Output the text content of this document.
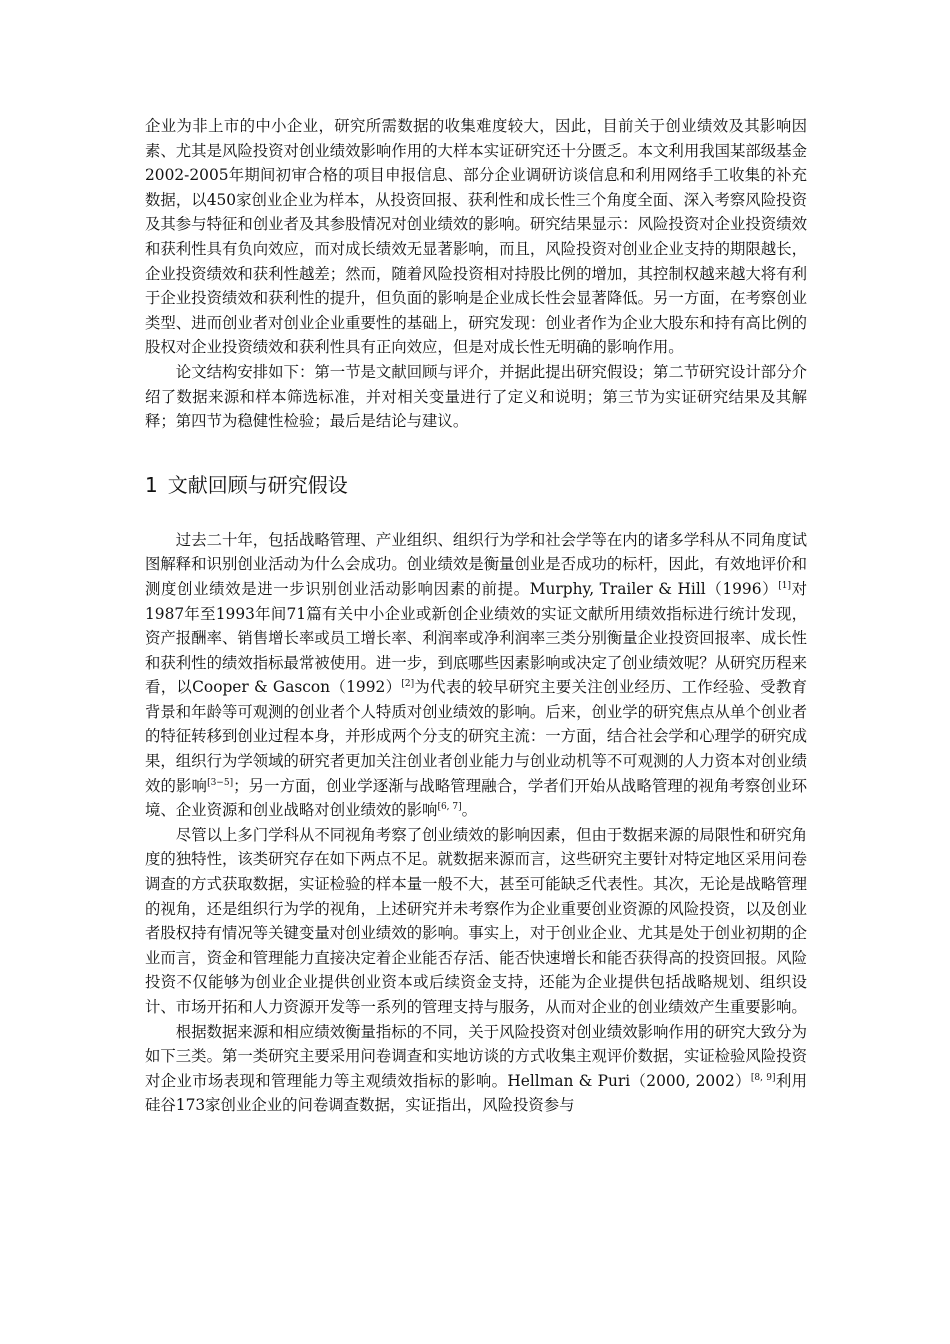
企业为非上市的中小企业，研究所需数据的收集难度较大，因此，目前关于创业绩效及其影响因素、尤其是风险投资对创业绩效影响作用的大样本实证研究还十分匮乏。本文利用我国某部级基金2002-2005年期间初审合格的项目申报信息、部分企业调研访谈信息和利用网络手工收集的补充数据，以450家创业企业为样本，从投资回报、获利性和成长性三个角度全面、深入考察风险投资及其参与特征和创业者及其参股情况对创业绩效的影响。研究结果显示：风险投资对企业投资绩效和获利性具有负向效应，而对成长绩效无显著影响，而且，风险投资对创业企业支持的期限越长，企业投资绩效和获利性越差；然而，随着风险投资相对持股比例的增加，其控制权越来越大将有利于企业投资绩效和获利性的提升，但负面的影响是企业成长性会显著降低。另一方面，在考察创业类型、进而创业者对创业企业重要性的基础上，研究发现：创业者作为企业大股东和持有高比例的股权对企业投资绩效和获利性具有正向效应，但是对成长性无明确的影响作用。

论文结构安排如下：第一节是文献回顾与评介，并据此提出研究假设；第二节研究设计部分介绍了数据来源和样本筛选标准，并对相关变量进行了定义和说明；第三节为实证研究结果及其解释；第四节为稳健性检验；最后是结论与建议。

1 文献回顾与研究假设

过去二十年，包括战略管理、产业组织、组织行为学和社会学等在内的诸多学科从不同角度试图解释和识别创业活动为什么会成功。创业绩效是衡量创业是否成功的标杆，因此，有效地评价和测度创业绩效是进一步识别创业活动影响因素的前提。Murphy, Trailer & Hill（1996）[1]对1987年至1993年间71篇有关中小企业或新创企业绩效的实证文献所用绩效指标进行统计发现，资产报酬率、销售增长率或员工增长率、利润率或净利润率三类分别衡量企业投资回报率、成长性和获利性的绩效指标最常被使用。进一步，到底哪些因素影响或决定了创业绩效呢？从研究历程来看，以Cooper & Gascon（1992）[2]为代表的较早研究主要关注创业经历、工作经验、受教育背景和年龄等可观测的创业者个人特质对创业绩效的影响。后来，创业学的研究焦点从单个创业者的特征转移到创业过程本身，并形成两个分支的研究主流：一方面，结合社会学和心理学的研究成果，组织行为学领域的研究者更加关注创业者创业能力与创业动机等不可观测的人力资本对创业绩效的影响[3−5]；另一方面，创业学逐渐与战略管理融合，学者们开始从战略管理的视角考察创业环境、企业资源和创业战略对创业绩效的影响[6, 7]。

尽管以上多门学科从不同视角考察了创业绩效的影响因素，但由于数据来源的局限性和研究角度的独特性，该类研究存在如下两点不足。就数据来源而言，这些研究主要针对特定地区采用问卷调查的方式获取数据，实证检验的样本量一般不大，甚至可能缺乏代表性。其次，无论是战略管理的视角，还是组织行为学的视角，上述研究并未考察作为企业重要创业资源的风险投资，以及创业者股权持有情况等关键变量对创业绩效的影响。事实上，对于创业企业、尤其是处于创业初期的企业而言，资金和管理能力直接决定着企业能否存活、能否快速增长和能否获得高的投资回报。风险投资不仅能够为创业企业提供创业资本或后续资金支持，还能为企业提供包括战略规划、组织设计、市场开拓和人力资源开发等一系列的管理支持与服务，从而对企业的创业绩效产生重要影响。

根据数据来源和相应绩效衡量指标的不同，关于风险投资对创业绩效影响作用的研究大致分为如下三类。第一类研究主要采用问卷调查和实地访谈的方式收集主观评价数据，实证检验风险投资对企业市场表现和管理能力等主观绩效指标的影响。Hellman & Puri（2000, 2002）[8, 9]利用硅谷173家创业企业的问卷调查数据，实证指出，风险投资参与
